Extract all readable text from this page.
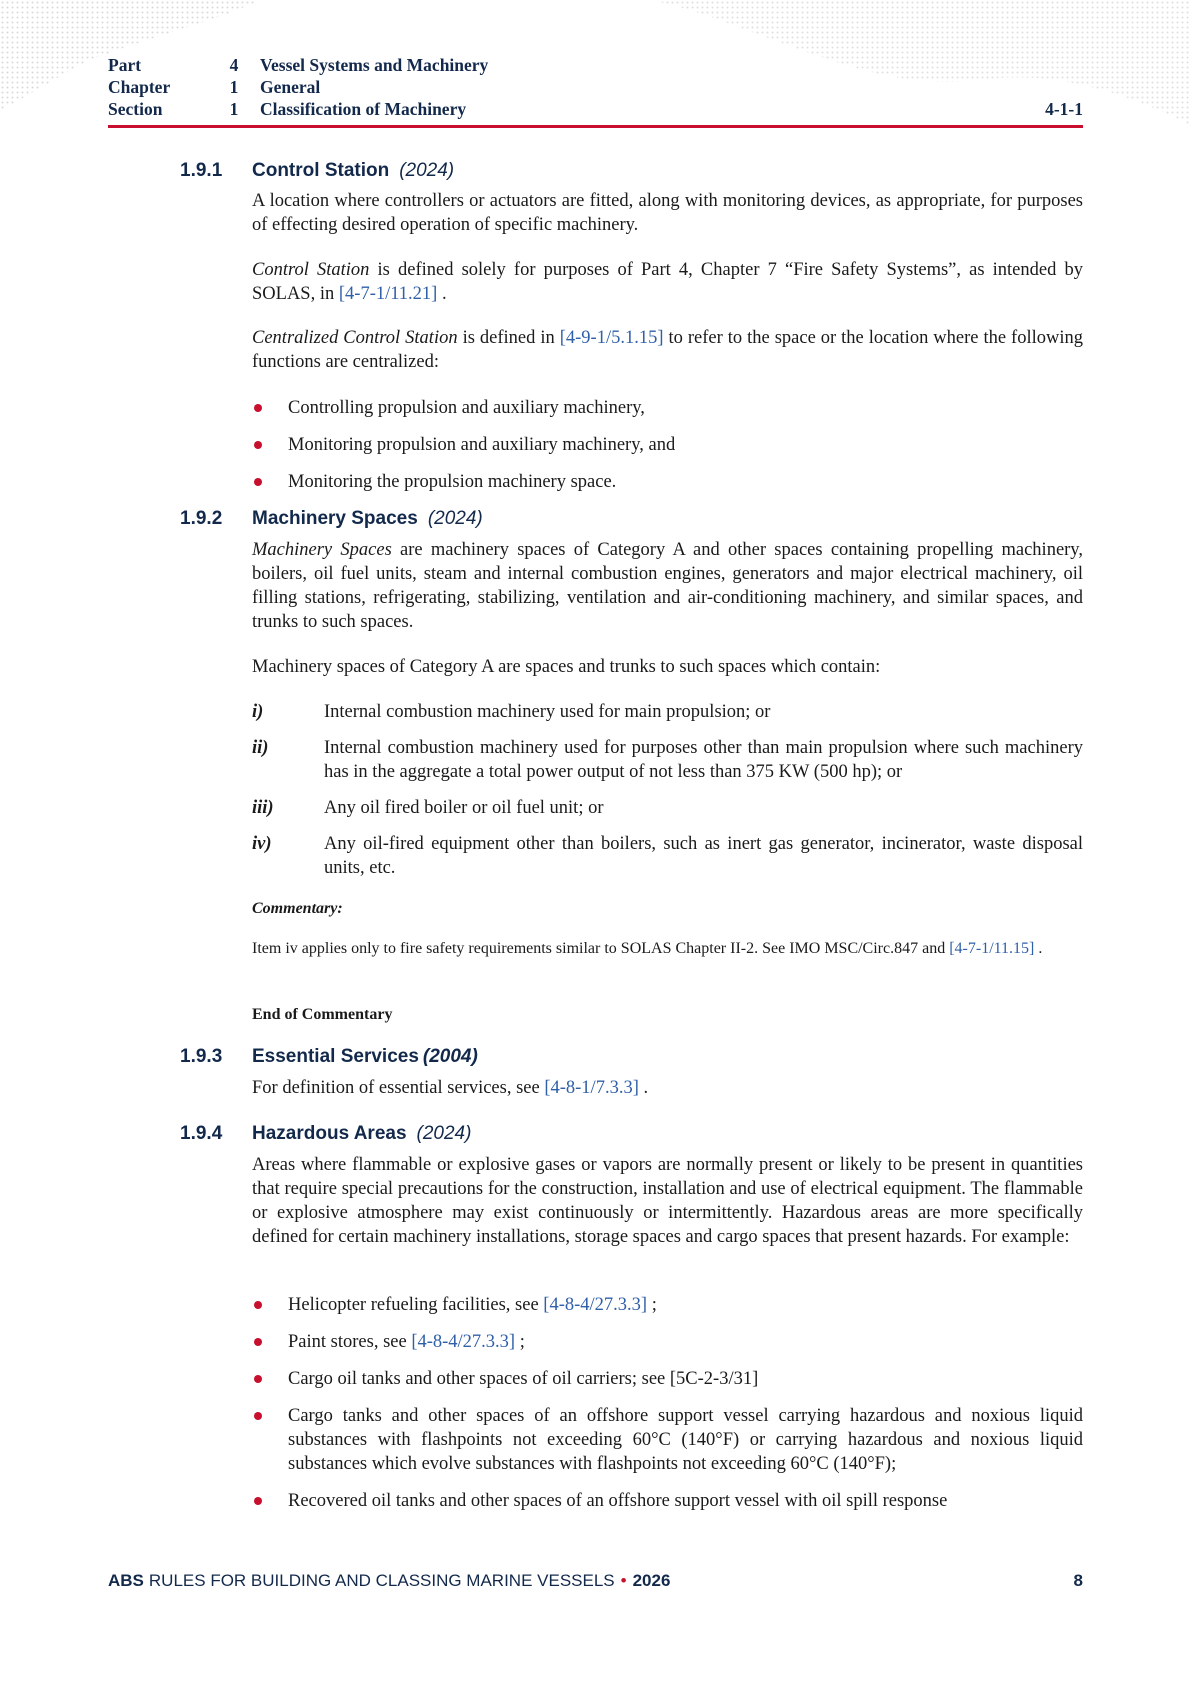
Part	4	Vessel Systems and Machinery
Chapter	1	General
Section	1	Classification of Machinery	4-1-1
1.9.1	Control Station (2024)

A location where controllers or actuators are fitted, along with monitoring devices, as appropriate, for purposes of effecting desired operation of specific machinery.

Control Station is defined solely for purposes of Part 4, Chapter 7 “Fire Safety Systems”, as intended by SOLAS, in [4-7-1/11.21] .

Centralized Control Station is defined in [4-9-1/5.1.15] to refer to the space or the location where the following functions are centralized:

Controlling propulsion and auxiliary machinery,
Monitoring propulsion and auxiliary machinery, and
Monitoring the propulsion machinery space.
1.9.2	Machinery Spaces (2024)

Machinery Spaces are machinery spaces of Category A and other spaces containing propelling machinery, boilers, oil fuel units, steam and internal combustion engines, generators and major electrical machinery, oil filling stations, refrigerating, stabilizing, ventilation and air-conditioning machinery, and similar spaces, and trunks to such spaces.

Machinery spaces of Category A are spaces and trunks to such spaces which contain:

i)	Internal combustion machinery used for main propulsion; or
ii)	Internal combustion machinery used for purposes other than main propulsion where such machinery has in the aggregate a total power output of not less than 375 KW (500 hp); or
iii)	Any oil fired boiler or oil fuel unit; or
iv)	Any oil-fired equipment other than boilers, such as inert gas generator, incinerator, waste disposal units, etc.
Commentary:
Item iv applies only to fire safety requirements similar to SOLAS Chapter II-2. See IMO MSC/Circ.847 and [4-7-1/11.15] .
End of Commentary
1.9.3	Essential Services (2004)

For definition of essential services, see [4-8-1/7.3.3] .

1.9.4	Hazardous Areas (2024)

Areas where flammable or explosive gases or vapors are normally present or likely to be present in quantities that require special precautions for the construction, installation and use of electrical equipment. The flammable or explosive atmosphere may exist continuously or intermittently. Hazardous areas are more specifically defined for certain machinery installations, storage spaces and cargo spaces that present hazards. For example:

Helicopter refueling facilities, see [4-8-4/27.3.3] ;
Paint stores, see [4-8-4/27.3.3] ;
Cargo oil tanks and other spaces of oil carriers; see [5C-2-3/31]
Cargo tanks and other spaces of an offshore support vessel carrying hazardous and noxious liquid substances with flashpoints not exceeding 60°C (140°F) or carrying hazardous and noxious liquid substances which evolve substances with flashpoints not exceeding 60°C (140°F);
Recovered oil tanks and other spaces of an offshore support vessel with oil spill response
ABS RULES FOR BUILDING AND CLASSING MARINE VESSELS • 2026	8
